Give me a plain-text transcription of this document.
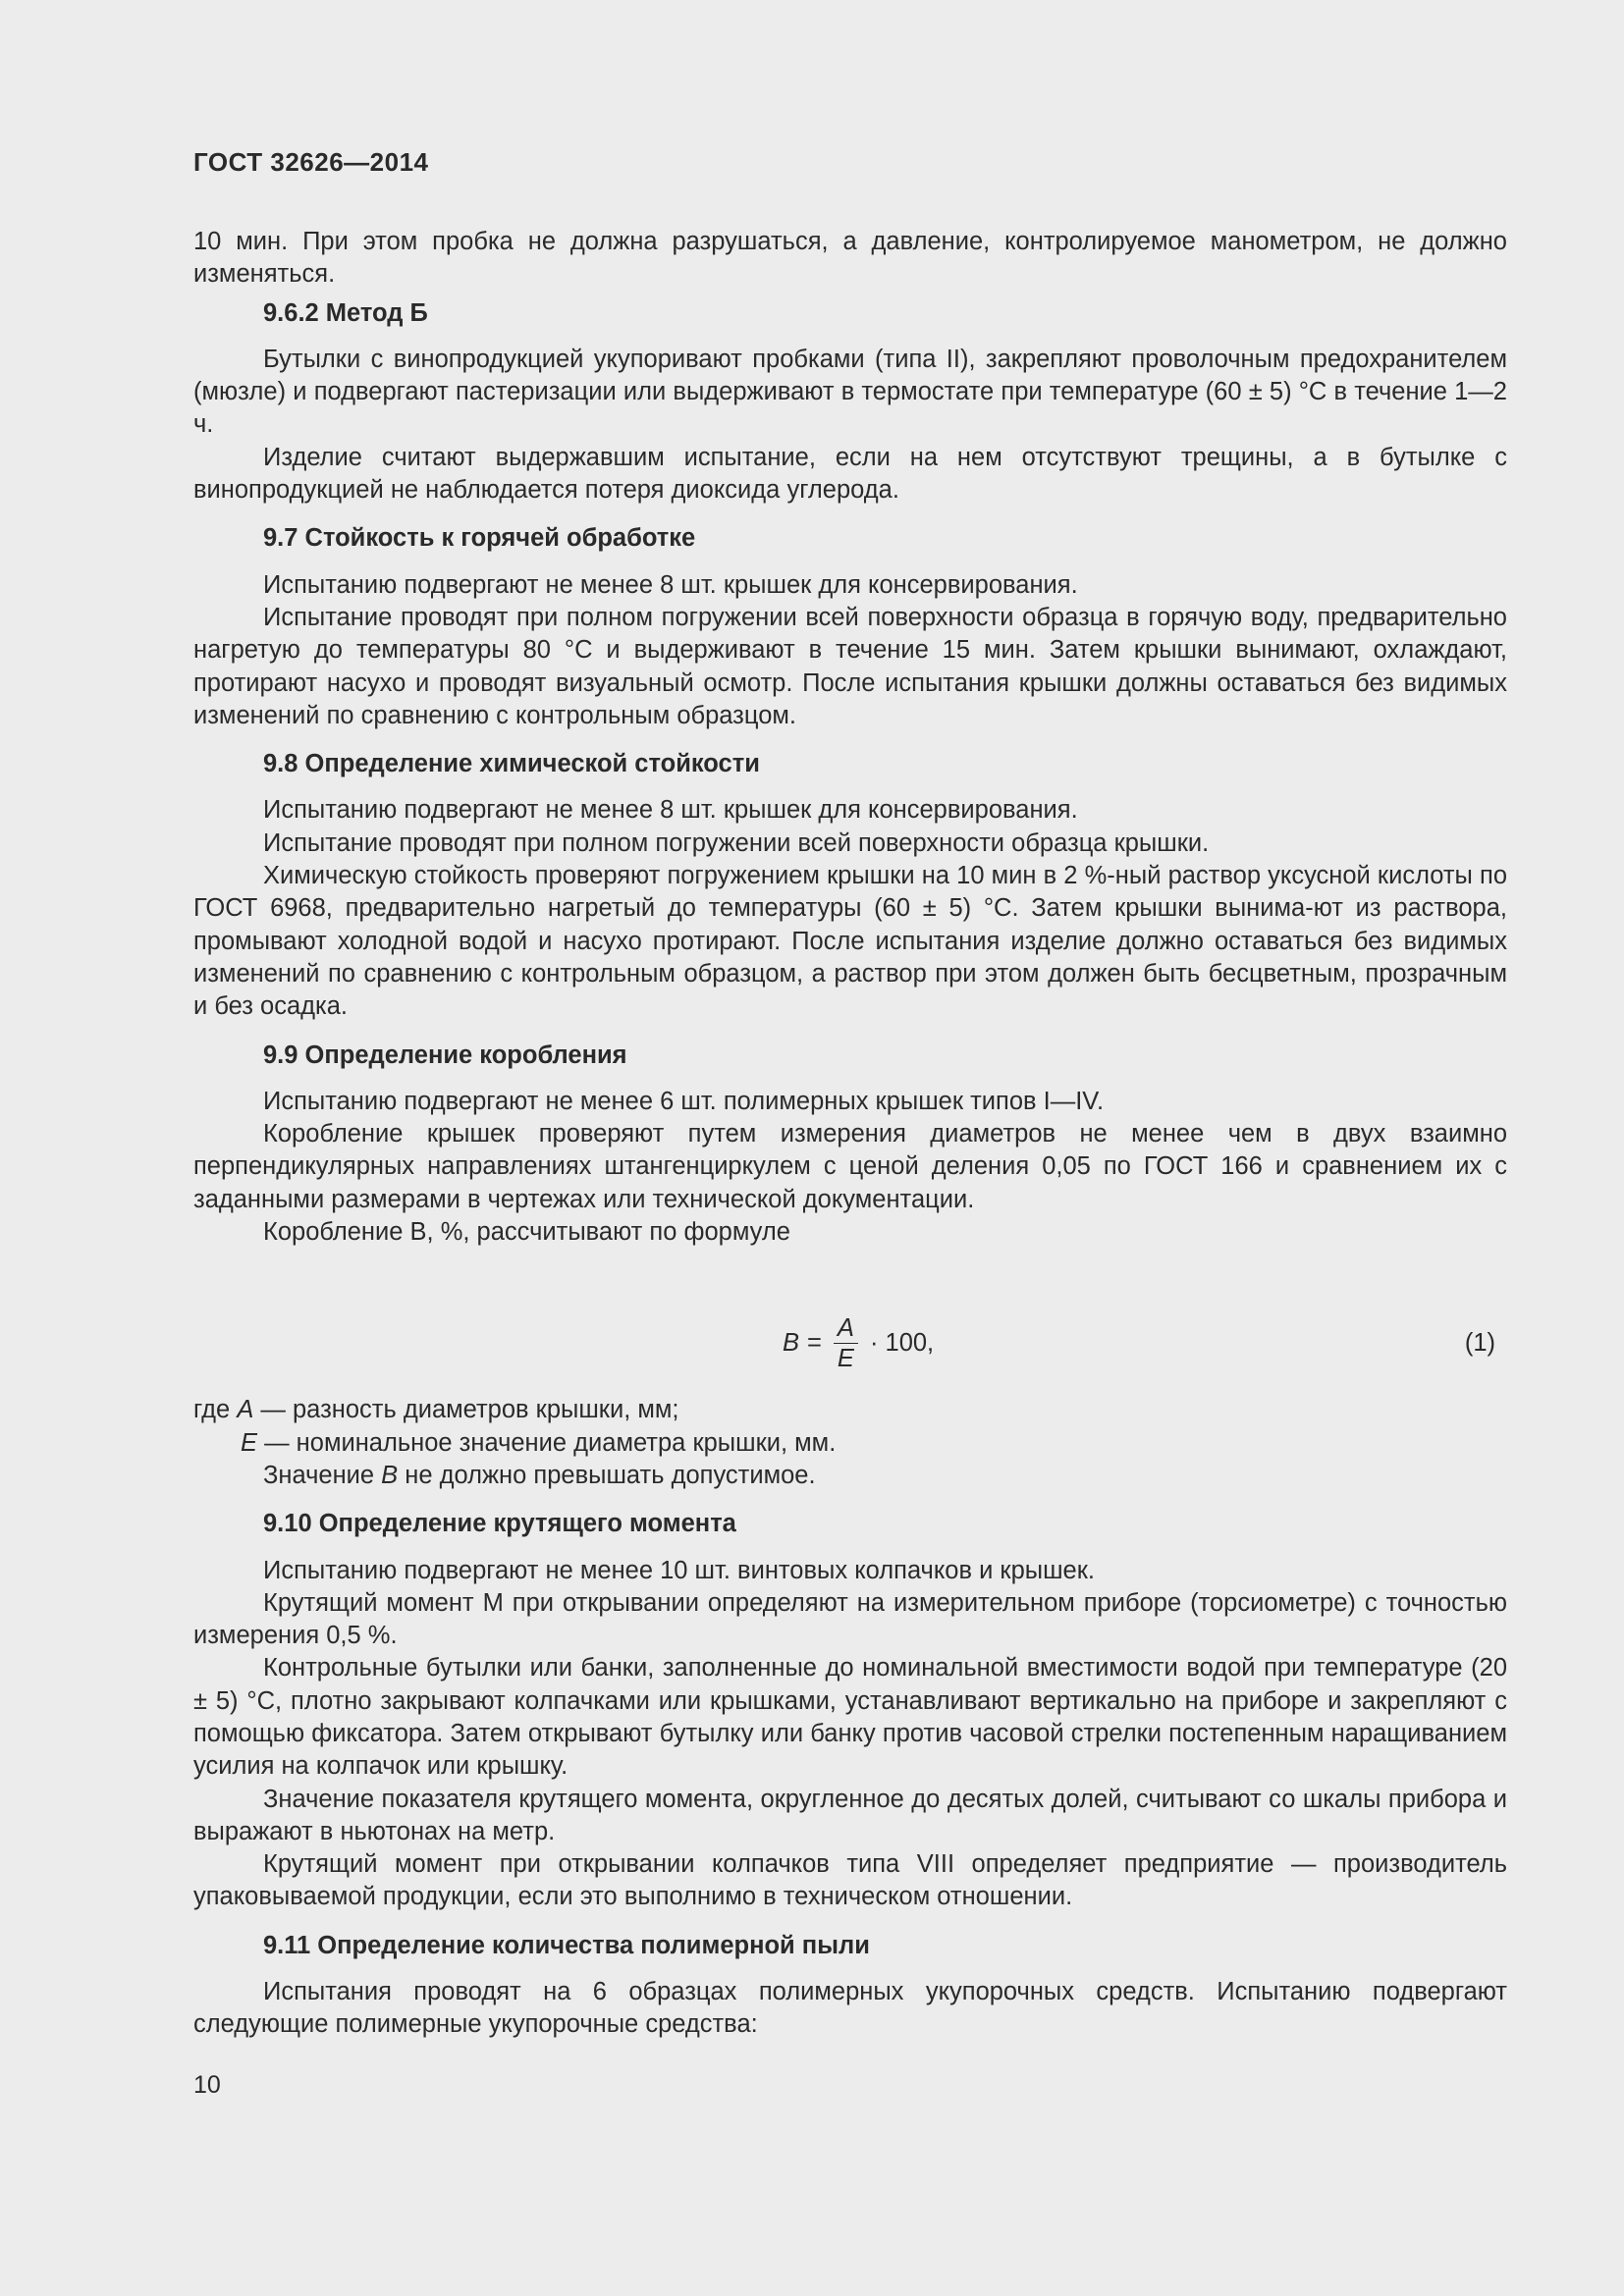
ГОСТ 32626—2014

10 мин. При этом пробка не должна разрушаться, а давление, контролируемое манометром, не должно изменяться.

9.6.2 Метод Б

Бутылки с винопродукцией укупоривают пробками (типа II), закрепляют проволочным предохранителем (мюзле) и подвергают пастеризации или выдерживают в термостате при температуре (60 ± 5) °С в течение 1—2 ч.

Изделие считают выдержавшим испытание, если на нем отсутствуют трещины, а в бутылке с винопродукцией не наблюдается потеря диоксида углерода.

9.7 Стойкость к горячей обработке

Испытанию подвергают не менее 8 шт. крышек для консервирования.

Испытание проводят при полном погружении всей поверхности образца в горячую воду, предварительно нагретую до температуры 80 °С и выдерживают в течение 15 мин. Затем крышки вынимают, охлаждают, протирают насухо и проводят визуальный осмотр. После испытания крышки должны оставаться без видимых изменений по сравнению с контрольным образцом.

9.8 Определение химической стойкости

Испытанию подвергают не менее 8 шт. крышек для консервирования.

Испытание проводят при полном погружении всей поверхности образца крышки.

Химическую стойкость проверяют погружением крышки на 10 мин в 2 %-ный раствор уксусной кислоты по ГОСТ 6968, предварительно нагретый до температуры (60 ± 5) °С. Затем крышки вынима-ют из раствора, промывают холодной водой и насухо протирают. После испытания изделие должно оставаться без видимых изменений по сравнению с контрольным образцом, а раствор при этом должен быть бесцветным, прозрачным и без осадка.

9.9 Определение коробления

Испытанию подвергают не менее 6 шт. полимерных крышек типов I—IV.

Коробление крышек проверяют путем измерения диаметров не менее чем в двух взаимно перпендикулярных направлениях штангенциркулем с ценой деления 0,05 по ГОСТ 166 и сравнением их с заданными размерами в чертежах или технической документации.

Коробление В, %, рассчитывают по формуле

$B = \frac{A}{E} \cdot 100$,	(1)

где A — разность диаметров крышки, мм;

E — номинальное значение диаметра крышки, мм.

Значение В не должно превышать допустимое.

9.10 Определение крутящего момента

Испытанию подвергают не менее 10 шт. винтовых колпачков и крышек.

Крутящий момент М при открывании определяют на измерительном приборе (торсиометре) с точностью измерения 0,5 %.

Контрольные бутылки или банки, заполненные до номинальной вместимости водой при температуре (20 ± 5) °С, плотно закрывают колпачками или крышками, устанавливают вертикально на приборе и закрепляют с помощью фиксатора. Затем открывают бутылку или банку против часовой стрелки постепенным наращиванием усилия на колпачок или крышку.

Значение показателя крутящего момента, округленное до десятых долей, считывают со шкалы прибора и выражают в ньютонах на метр.

Крутящий момент при открывании колпачков типа VIII определяет предприятие — производитель упаковываемой продукции, если это выполнимо в техническом отношении.

9.11 Определение количества полимерной пыли

Испытания проводят на 6 образцах полимерных укупорочных средств. Испытанию подвергают следующие полимерные укупорочные средства:

10
